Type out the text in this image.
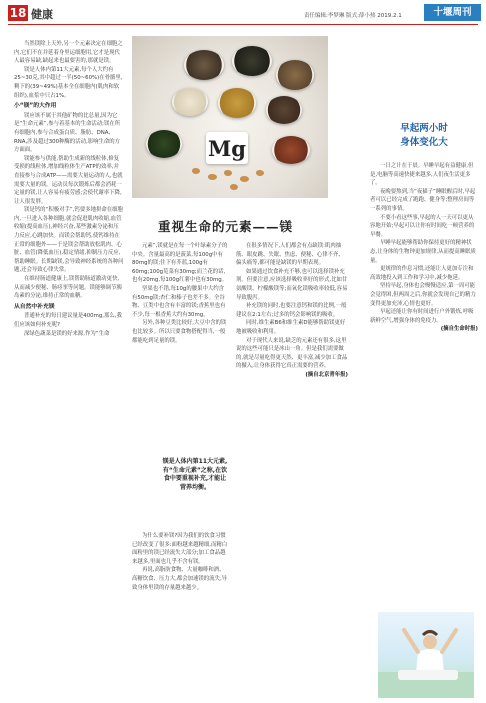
18 健康	责任编辑:李梦琳 版式:薛小热 2019.2.1	十堰周刊

当然镁除上天外,另一个元素决定在细胞之内,它们不在并延着身里运细胞用,它才是现代人最容易缺,缺起来也最要害的,那就是镁。

镁是人体内第11大元素,每个人大约有25~30克,其中超过一半(50~60%)在骨骼里,剩下的(39~49%)基本全在细胞内(肌肉和软组织),血浆中只占1%。

小“镁”的大作用

镁应该不属于其他矿物的比总量,因为它是“生命元素”,参与着基本的生命活动;镁在所有细胞内,参与合成蛋白质、脂肪、DNA、RNA,涉及超过300种酶的活动,影响生命的方方面面。

镁能参与供能,帮助生成新的线粒体,修复受损的线粒体,增加线粒体生产ATP的效率,并直接参与合成ATP——需要大量运动的人,也就需要大量的镁。运动员每次锻炼后都会消耗一定量的镁,让人容易有疲劳感;会使代谢率下降,让人很发胖。

镁是钙的“积极对手”,钙要多地拼命在细胞内,一旦进入各种细胞,就会促进肌肉收缩,血管收缩(提高血压),神经兴奋,某些激素分泌和压力反应,心跳加快。而镁会帮助钙,使钙维持在正常的细胞外——于是镁会帮助放松肌肉、心脏、血管(降低血压),稳定情绪,抑制压力反应,帮助睡眠。长期缺镁,会导致神经系统的各种问题,还会导致心律失常。

在维持肠道健康上,镁帮助肠道激动更快,从而减少便秘、肠痉挛等问题。镁能够调节胰岛素的分泌,维持正常的血糖。

从自然中补充镁

普通补充的每日建议量是400mg,那么,我们应该如何补充呢?

深绿色蔬菜是镁的好来源,作为“生命

Mg
重视生命的元素——镁

在很多情况下,人们都会有点缺镁:肌肉抽筋、眼皮跳、失眠、焦虑、便秘、心律不齐、偏头痛等,都可能是缺镁的早期表现。

如果通过饮食补充不够,也可以选择镁补充剂。但要注意,应该选择吸收率好的形式,比如甘氨酸镁、柠檬酸镁等;而氧化镁吸收率较低,容易导致腹泻。

补充镁的同时,也要注意钙和镁的比例,一般建议在2:1左右;过多的钙会影响镁的吸收。

同时,维生素B6和维生素D能够帮助镁更好地被吸收和利用。

对于现代人来说,缺乏的元素还有很多,这里说的这些可能只是冰山一角。但是我们需要做的,就是尽量吃得更天然、更丰富,减少加工食品的摄入,让身体获得它真正需要的营养。

(摘自北京青年报)

元素”,镁就是在每一个叶绿素分子的中央。含量最高的是菠菜,每100g中有80mg的镁;往下有芥蓝,100g有60mg;100g苋菜有30mg;而兰花的话,也有20mg,每100g红薯中也有30mg。

坚果也不错,每10g的腰果中大约含有50mg镁;杏仁和榛子也差不多。全谷物、豆类中也含有丰富的镁;香蕉里也有不少,每一根香蕉大约有30mg。

另外,各种豆类比较好,大豆中含的镁也比较多。所以只要食物搭配得当,一般都能吃到足量的镁。

镁是人体内第11大元素,有“生命元素”之称,在饮食中要重视补充,才能让营养均衡。

为什么要补镁?因为我们的饮食习惯已经改变了很多:面粉越来越精细,而精白面粉里的镁已经流失大部分;加工食品越来越多,里面也几乎不含有镁。

再说,高脂肪食物、大量咖啡和酒、高糖饮食、压力大,都会加速镁的流失,导致身体里镁的存量越来越少。

早起两小时
身体变化大

一日之计在于晨。早睡早起有益健康,但是,电脑等高速快捷来越多,人们夜生活更多了。

夜晚要熬到,当“夜猫子”睡眠醒后时,早起者可以已经完成了跑跑、健身等;整理房间等一系列的事情。

不要小看这些事,早起的人一天可以更从容地开始;早起可以让你有时间吃一顿营养的早餐。

早睡早起能够帮助你保持更好的精神状态,让身体的生物钟更加规律,从而提高睡眠质量。

更规律的作息习惯,还能让人更加专注和高效地投入到工作和学习中,减少拖延。

坚持早起,身体也会慢慢适应,第一周可能会觉得困,但两周之后,你就会发现自己的精力变得更加充沛,心情也更好。

早起还能让你有时间进行户外锻炼,呼吸新鲜空气,增强身体的免疫力。

(摘自生命时报)
